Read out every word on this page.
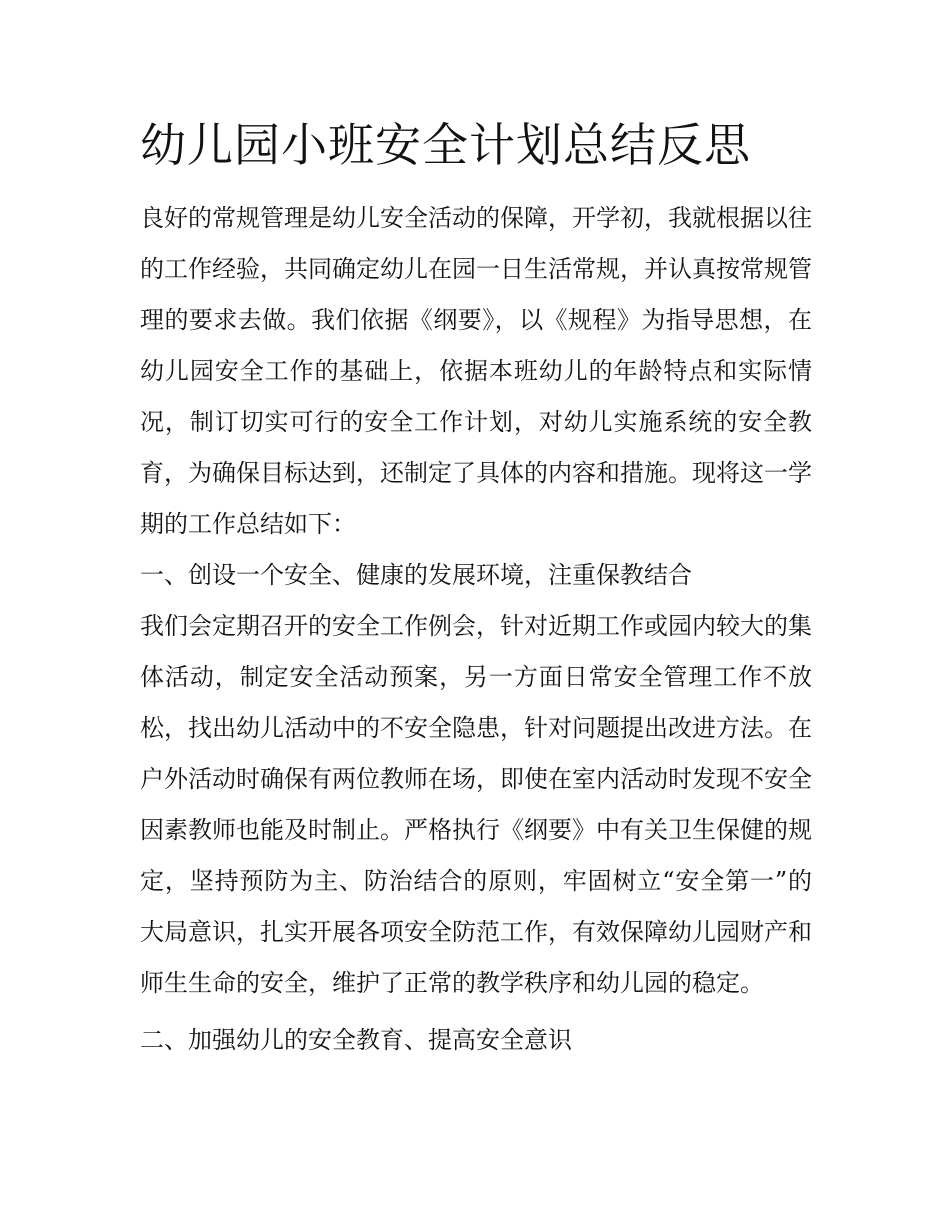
幼儿园小班安全计划总结反思

良好的常规管理是幼儿安全活动的保障，开学初，我就根据以往的工作经验，共同确定幼儿在园一日生活常规，并认真按常规管理的要求去做。我们依据《纲要》，以《规程》为指导思想，在幼儿园安全工作的基础上，依据本班幼儿的年龄特点和实际情况，制订切实可行的安全工作计划，对幼儿实施系统的安全教育，为确保目标达到，还制定了具体的内容和措施。现将这一学期的工作总结如下：

一、创设一个安全、健康的发展环境，注重保教结合

我们会定期召开的安全工作例会，针对近期工作或园内较大的集体活动，制定安全活动预案，另一方面日常安全管理工作不放松，找出幼儿活动中的不安全隐患，针对问题提出改进方法。在户外活动时确保有两位教师在场，即使在室内活动时发现不安全因素教师也能及时制止。严格执行《纲要》中有关卫生保健的规定，坚持预防为主、防治结合的原则，牢固树立“安全第一”的大局意识，扎实开展各项安全防范工作，有效保障幼儿园财产和师生生命的安全，维护了正常的教学秩序和幼儿园的稳定。

二、加强幼儿的安全教育、提高安全意识
